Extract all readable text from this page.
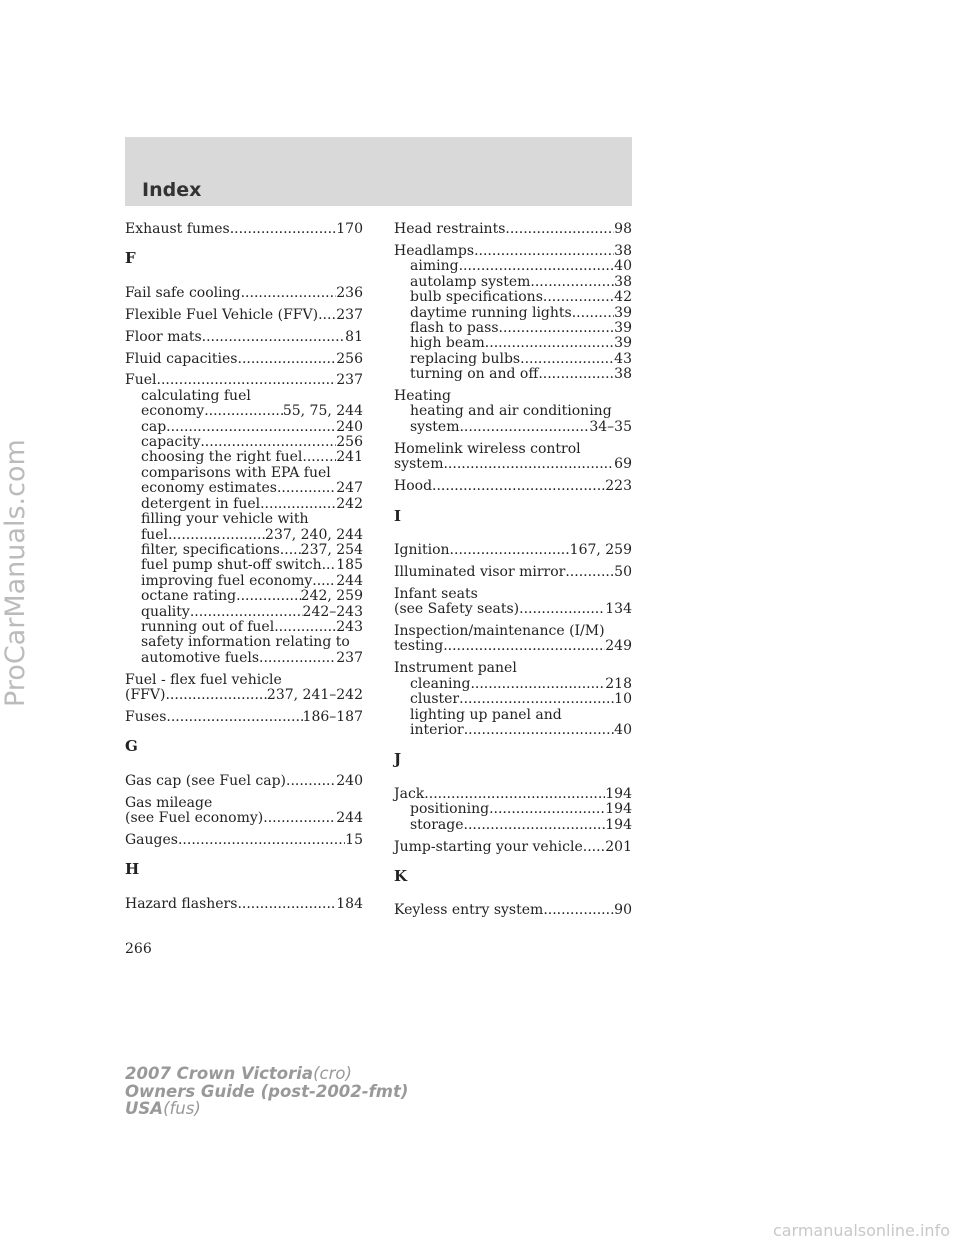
Index
Exhaust fumes .....	170
F
Fail safe cooling .....	236
Flexible Fuel Vehicle (FFV) ..... 237
Floor mats .....	81
Fluid capacities .....	256
Fuel .....	237
calculating fuel
economy .....	55, 75, 244
cap .....	240
capacity .....	256
choosing the right fuel ..... 241
comparisons with EPA fuel
economy estimates .....	247
detergent in fuel .....	242
filling your vehicle with
fuel .....	237, 240, 244
filter, specifications ..... 237, 254
fuel pump shut-off switch ..... 185
improving fuel economy ..... 244
octane rating .....	242, 259
quality .....	242–243
running out of fuel .....	243
safety information relating to
automotive fuels .....	237
Fuel - flex fuel vehicle
(FFV) .....	237, 241–242
Fuses .....	186–187
G
Gas cap (see Fuel cap) .....	240
Gas mileage
(see Fuel economy) .....	244
Gauges .....	15
H
Hazard flashers .....	184
Head restraints .....	98
Headlamps .....	38
aiming .....	40
autolamp system .....	38
bulb specifications .....	42
daytime running lights .....	39
flash to pass .....	39
high beam .....	39
replacing bulbs .....	43
turning on and off .....	38
Heating
heating and air conditioning
system .....	34–35
Homelink wireless control
system .....	69
Hood .....	223
I
Ignition .....	167, 259
Illuminated visor mirror .....	50
Infant seats
(see Safety seats) .....	134
Inspection/maintenance (I/M)
testing .....	249
Instrument panel
cleaning .....	218
cluster .....	10
lighting up panel and
interior .....	40
J
Jack .....	194
positioning .....	194
storage .....	194
Jump-starting your vehicle ..... 201
K
Keyless entry system .....	90
266
2007 Crown Victoria(cro)
Owners Guide (post-2002-fmt)
USA(fus)
ProCarManuals.com
carmanualsonline.info
